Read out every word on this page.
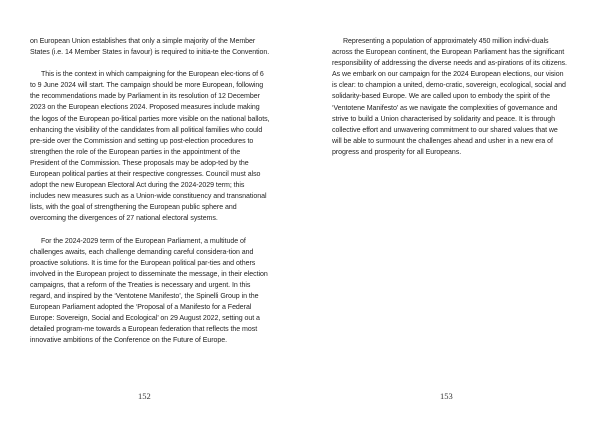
on European Union establishes that only a simple majority of the Member States (i.e. 14 Member States in favour) is required to initia-te the Convention.

This is the context in which campaigning for the European elec-tions of 6 to 9 June 2024 will start. The campaign should be more European, following the recommendations made by Parliament in its resolution of 12 December 2023 on the European elections 2024. Proposed measures include making the logos of the European po-litical parties more visible on the national ballots, enhancing the visibility of the candidates from all political families who could pre-side over the Commission and setting up post-election procedures to strengthen the role of the European parties in the appointment of the President of the Commission. These proposals may be adop-ted by the European political parties at their respective congresses. Council must also adopt the new European Electoral Act during the 2024-2029 term; this includes new measures such as a Union-wide constituency and transnational lists, with the goal of strengthening the European public sphere and overcoming the divergences of 27 national electoral systems.

For the 2024-2029 term of the European Parliament, a multitude of challenges awaits, each challenge demanding careful considera-tion and proactive solutions. It is time for the European political par-ties and others involved in the European project to disseminate the message, in their election campaigns, that a reform of the Treaties is necessary and urgent. In this regard, and inspired by the ‘Ventotene Manifesto’, the Spinelli Group in the European Parliament adopted the ‘Proposal of a Manifesto for a Federal Europe: Sovereign, Social and Ecological’ on 29 August 2022, setting out a detailed program-me towards a European federation that reflects the most innovative ambitions of the Conference on the Future of Europe.

152

Representing a population of approximately 450 million indivi-duals across the European continent, the European Parliament has the significant responsibility of addressing the diverse needs and as-pirations of its citizens. As we embark on our campaign for the 2024 European elections, our vision is clear: to champion a united, demo-cratic, sovereign, ecological, social and solidarity-based Europe. We are called upon to embody the spirit of the ‘Ventotene Manifesto’ as we navigate the complexities of governance and strive to build a Union characterised by solidarity and peace. It is through collective effort and unwavering commitment to our shared values that we will be able to surmount the challenges ahead and usher in a new era of progress and prosperity for all Europeans.

153
